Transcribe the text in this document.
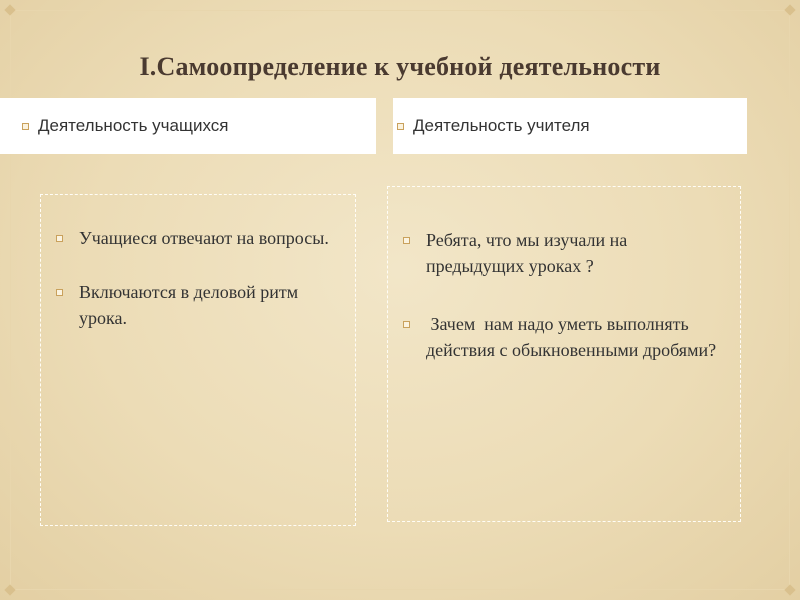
I.Самоопределение к учебной деятельности
Деятельность учащихся	Деятельность учителя
Учащиеся отвечают на вопросы.
Включаются в деловой ритм урока.
Ребята, что мы изучали на предыдущих уроках ?
Зачем  нам надо уметь выполнять действия с обыкновенными дробями?
